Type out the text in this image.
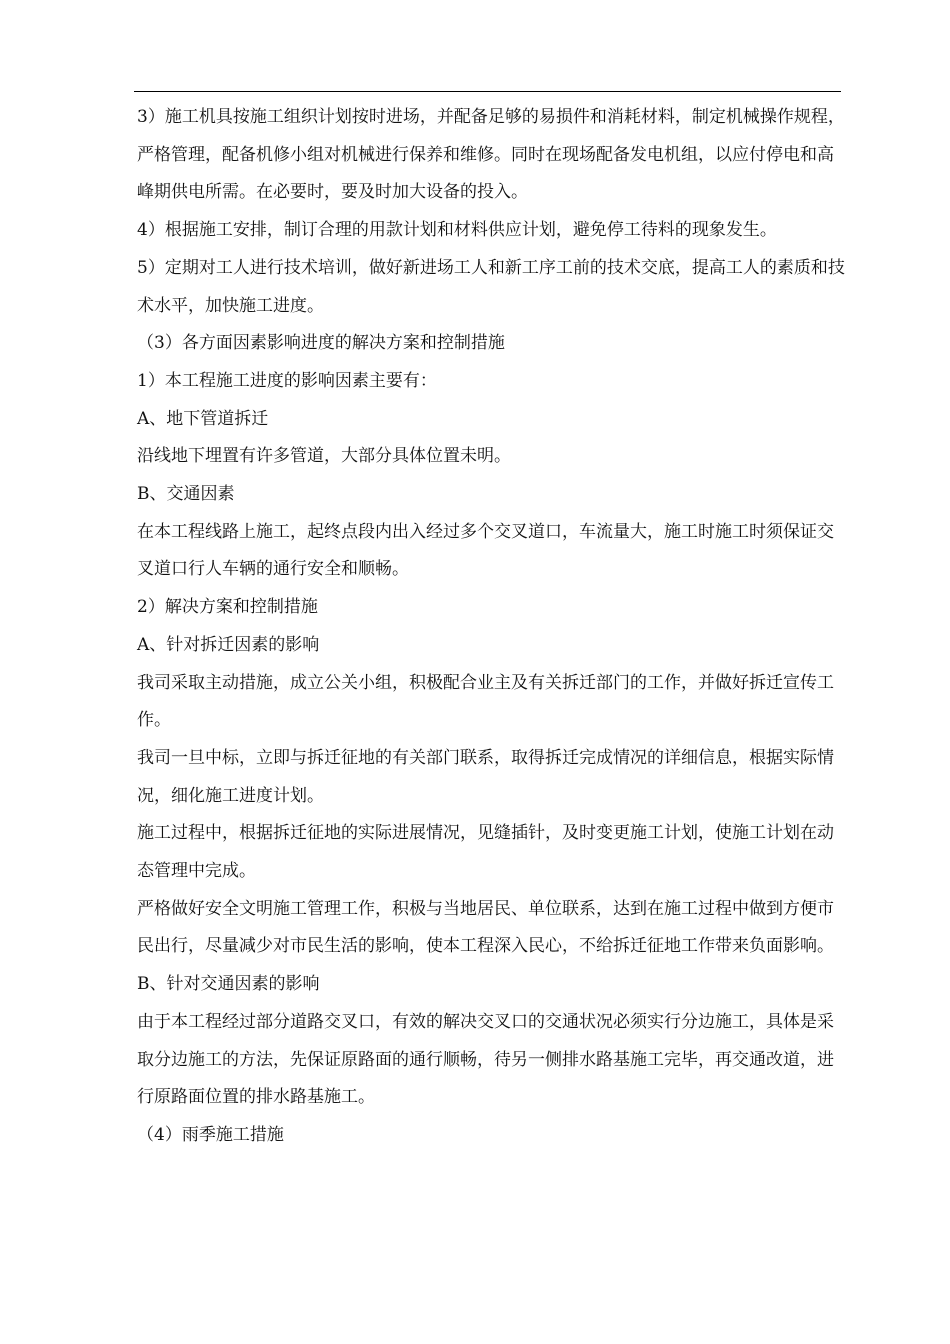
3）施工机具按施工组织计划按时进场，并配备足够的易损件和消耗材料，制定机械操作规程，严格管理，配备机修小组对机械进行保养和维修。同时在现场配备发电机组，以应付停电和高峰期供电所需。在必要时，要及时加大设备的投入。

4）根据施工安排，制订合理的用款计划和材料供应计划，避免停工待料的现象发生。

5）定期对工人进行技术培训，做好新进场工人和新工序工前的技术交底，提高工人的素质和技术水平，加快施工进度。

（3）各方面因素影响进度的解决方案和控制措施

1）本工程施工进度的影响因素主要有：

A、地下管道拆迁

沿线地下埋置有许多管道，大部分具体位置未明。

B、交通因素

在本工程线路上施工，起终点段内出入经过多个交叉道口，车流量大，施工时施工时须保证交叉道口行人车辆的通行安全和顺畅。

2）解决方案和控制措施

A、针对拆迁因素的影响

我司采取主动措施，成立公关小组，积极配合业主及有关拆迁部门的工作，并做好拆迁宣传工作。

我司一旦中标，立即与拆迁征地的有关部门联系，取得拆迁完成情况的详细信息，根据实际情况，细化施工进度计划。

施工过程中，根据拆迁征地的实际进展情况，见缝插针，及时变更施工计划，使施工计划在动态管理中完成。

严格做好安全文明施工管理工作，积极与当地居民、单位联系，达到在施工过程中做到方便市民出行，尽量减少对市民生活的影响，使本工程深入民心，不给拆迁征地工作带来负面影响。

B、针对交通因素的影响

由于本工程经过部分道路交叉口，有效的解决交叉口的交通状况必须实行分边施工，具体是采取分边施工的方法，先保证原路面的通行顺畅，待另一侧排水路基施工完毕，再交通改道，进行原路面位置的排水路基施工。

（4）雨季施工措施
